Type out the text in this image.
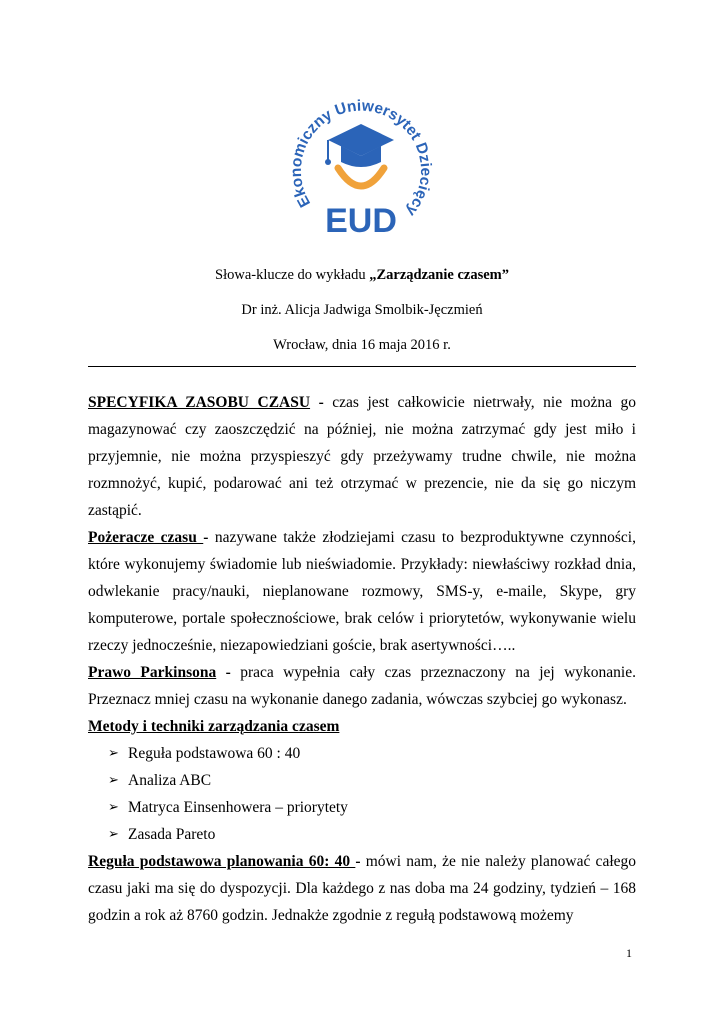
Ekonomiczny Uniwersytet Dziecięcy
EUD
Słowa-klucze do wykładu „Zarządzanie czasem”
Dr inż. Alicja Jadwiga Smolbik-Jęczmień
Wrocław, dnia 16 maja 2016 r.

SPECYFIKA ZASOBU CZASU - czas jest całkowicie nietrwały, nie można go magazynować czy zaoszczędzić na później, nie można zatrzymać gdy jest miło i przyjemnie, nie można przyspieszyć gdy przeżywamy trudne chwile, nie można rozmnożyć, kupić, podarować ani też otrzymać w prezencie, nie da się go niczym zastąpić.

Pożeracze czasu - nazywane także złodziejami czasu to bezproduktywne czynności, które wykonujemy świadomie lub nieświadomie. Przykłady: niewłaściwy rozkład dnia, odwlekanie pracy/nauki, nieplanowane rozmowy, SMS-y, e-maile, Skype, gry komputerowe, portale społecznościowe, brak celów i priorytetów, wykonywanie wielu rzeczy jednocześnie, niezapowiedziani goście, brak asertywności…..

Prawo Parkinsona - praca wypełnia cały czas przeznaczony na jej wykonanie. Przeznacz mniej czasu na wykonanie danego zadania, wówczas szybciej go wykonasz.

Metody i techniki zarządzania czasem

➢ Reguła podstawowa 60 : 40
➢ Analiza ABC
➢ Matryca Einsenhowera – priorytety
➢ Zasada Pareto

Reguła podstawowa planowania 60: 40 - mówi nam, że nie należy planować całego czasu jaki ma się do dyspozycji. Dla każdego z nas doba ma 24 godziny, tydzień – 168 godzin a rok aż 8760 godzin. Jednakże zgodnie z regułą podstawową możemy

1
